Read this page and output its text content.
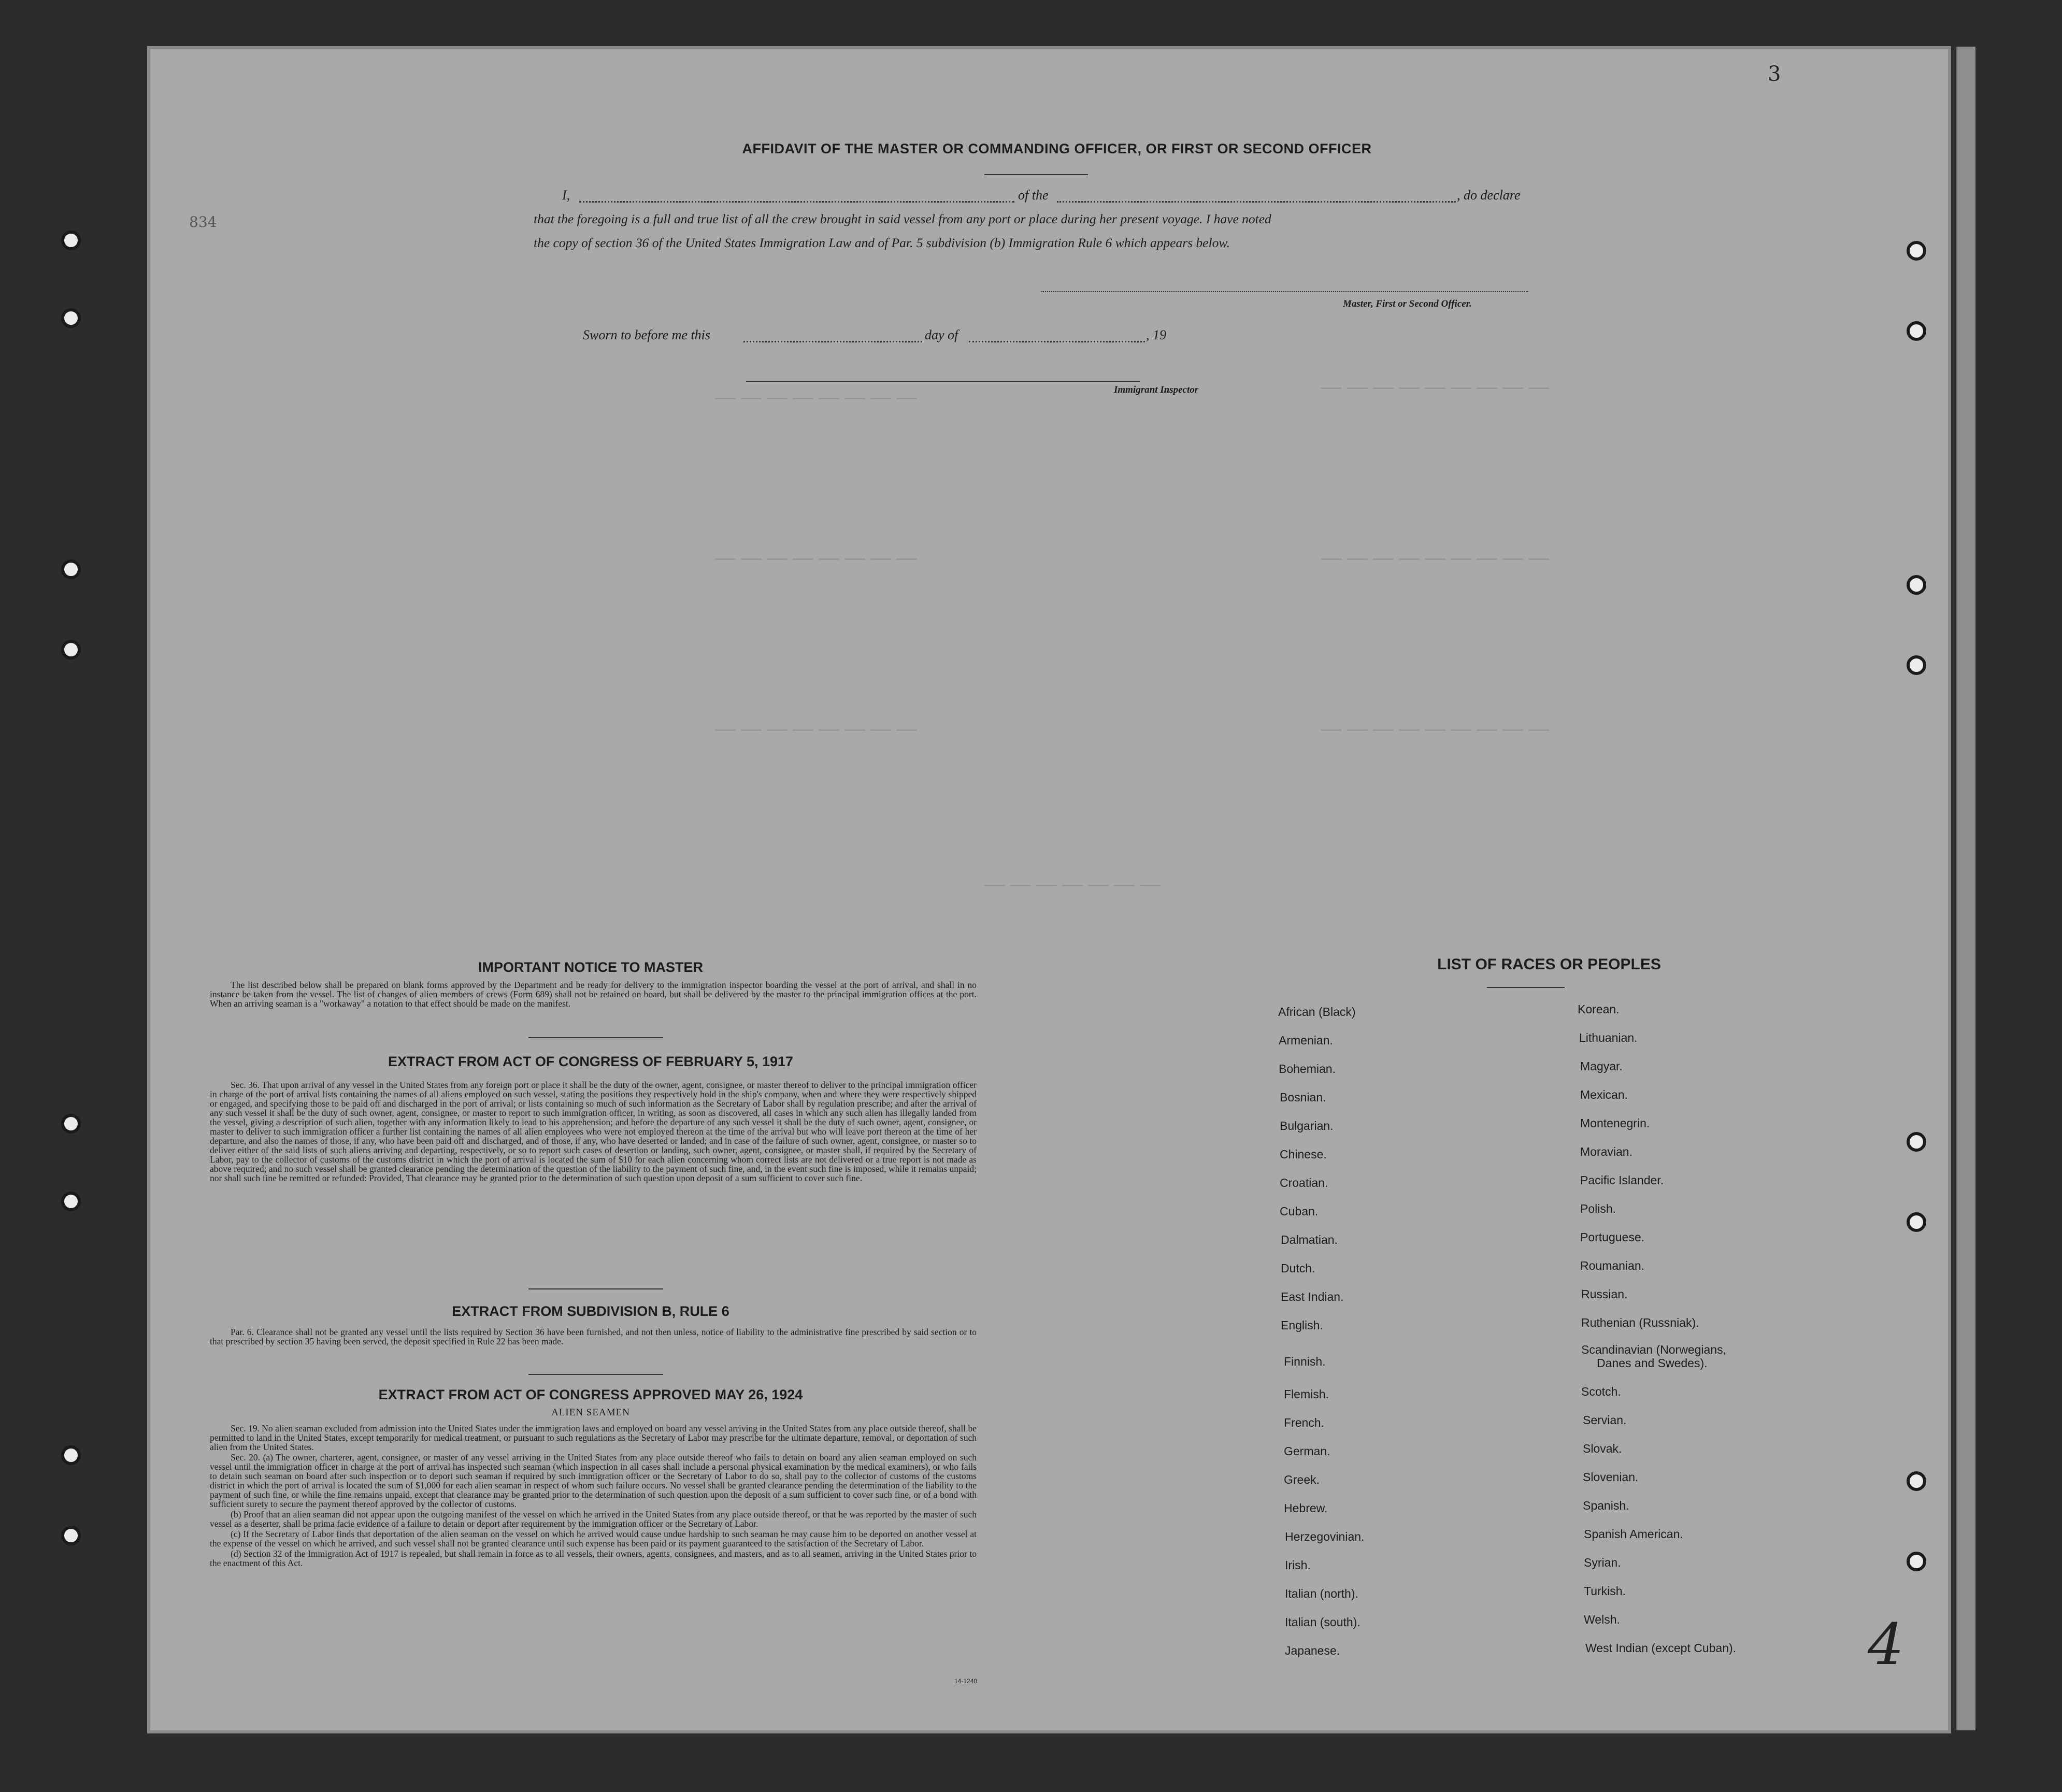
3
834
4
— — — — — — — —	— — — — — — — — —
— — — — — — — —	— — — — — — — — —
— — — — — — — —	— — — — — — — — —
— — — — — — —
AFFIDAVIT OF THE MASTER OR COMMANDING OFFICER, OR FIRST OR SECOND OFFICER
I,	of the	, do declare
that the foregoing is a full and true list of all the crew brought in said vessel from any port or place during her present voyage. I have noted
the copy of section 36 of the United States Immigration Law and of Par. 5 subdivision (b) Immigration Rule 6 which appears below.
Master, First or Second Officer.
Sworn to before me this	day of	, 19
Immigrant Inspector
IMPORTANT NOTICE TO MASTER

The list described below shall be prepared on blank forms approved by the Department and be ready for delivery to the immigration inspector boarding the vessel at the port of arrival, and shall in no instance be taken from the vessel. The list of changes of alien members of crews (Form 689) shall not be retained on board, but shall be delivered by the master to the principal immigration offices at the port. When an arriving seaman is a "workaway" a notation to that effect should be made on the manifest.

EXTRACT FROM ACT OF CONGRESS OF FEBRUARY 5, 1917

Sec. 36. That upon arrival of any vessel in the United States from any foreign port or place it shall be the duty of the owner, agent, consignee, or master thereof to deliver to the principal immigration officer in charge of the port of arrival lists containing the names of all aliens employed on such vessel, stating the positions they respectively hold in the ship's company, when and where they were respectively shipped or engaged, and specifying those to be paid off and discharged in the port of arrival; or lists containing so much of such information as the Secretary of Labor shall by regulation prescribe; and after the arrival of any such vessel it shall be the duty of such owner, agent, consignee, or master to report to such immigration officer, in writing, as soon as discovered, all cases in which any such alien has illegally landed from the vessel, giving a description of such alien, together with any information likely to lead to his apprehension; and before the departure of any such vessel it shall be the duty of such owner, agent, consignee, or master to deliver to such immigration officer a further list containing the names of all alien employees who were not employed thereon at the time of the arrival but who will leave port thereon at the time of her departure, and also the names of those, if any, who have been paid off and discharged, and of those, if any, who have deserted or landed; and in case of the failure of such owner, agent, consignee, or master so to deliver either of the said lists of such aliens arriving and departing, respectively, or so to report such cases of desertion or landing, such owner, agent, consignee, or master shall, if required by the Secretary of Labor, pay to the collector of customs of the customs district in which the port of arrival is located the sum of $10 for each alien concerning whom correct lists are not delivered or a true report is not made as above required; and no such vessel shall be granted clearance pending the determination of the question of the liability to the payment of such fine, and, in the event such fine is imposed, while it remains unpaid; nor shall such fine be remitted or refunded: Provided, That clearance may be granted prior to the determination of such question upon deposit of a sum sufficient to cover such fine.

EXTRACT FROM SUBDIVISION B, RULE 6

Par. 6. Clearance shall not be granted any vessel until the lists required by Section 36 have been furnished, and not then unless, notice of liability to the administrative fine prescribed by said section or to that prescribed by section 35 having been served, the deposit specified in Rule 22 has been made.

EXTRACT FROM ACT OF CONGRESS APPROVED MAY 26, 1924
ALIEN SEAMEN

Sec. 19. No alien seaman excluded from admission into the United States under the immigration laws and employed on board any vessel arriving in the United States from any place outside thereof, shall be permitted to land in the United States, except temporarily for medical treatment, or pursuant to such regulations as the Secretary of Labor may prescribe for the ultimate departure, removal, or deportation of such alien from the United States.

Sec. 20. (a) The owner, charterer, agent, consignee, or master of any vessel arriving in the United States from any place outside thereof who fails to detain on board any alien seaman employed on such vessel until the immigration officer in charge at the port of arrival has inspected such seaman (which inspection in all cases shall include a personal physical examination by the medical examiners), or who fails to detain such seaman on board after such inspection or to deport such seaman if required by such immigration officer or the Secretary of Labor to do so, shall pay to the collector of customs of the customs district in which the port of arrival is located the sum of $1,000 for each alien seaman in respect of whom such failure occurs. No vessel shall be granted clearance pending the determination of the liability to the payment of such fine, or while the fine remains unpaid, except that clearance may be granted prior to the determination of such question upon the deposit of a sum sufficient to cover such fine, or of a bond with sufficient surety to secure the payment thereof approved by the collector of customs.

(b) Proof that an alien seaman did not appear upon the outgoing manifest of the vessel on which he arrived in the United States from any place outside thereof, or that he was reported by the master of such vessel as a deserter, shall be prima facie evidence of a failure to detain or deport after requirement by the immigration officer or the Secretary of Labor.

(c) If the Secretary of Labor finds that deportation of the alien seaman on the vessel on which he arrived would cause undue hardship to such seaman he may cause him to be deported on another vessel at the expense of the vessel on which he arrived, and such vessel shall not be granted clearance until such expense has been paid or its payment guaranteed to the satisfaction of the Secretary of Labor.

(d) Section 32 of the Immigration Act of 1917 is repealed, but shall remain in force as to all vessels, their owners, agents, consignees, and masters, and as to all seamen, arriving in the United States prior to the enactment of this Act.

14-1240
LIST OF RACES OR PEOPLES
African (Black)
Armenian.
Bohemian.
Bosnian.
Bulgarian.
Chinese.
Croatian.
Cuban.
Dalmatian.
Dutch.
East Indian.
English.
Finnish.
Flemish.
French.
German.
Greek.
Hebrew.
Herzegovinian.
Irish.
Italian (north).
Italian (south).
Japanese.
Korean.
Lithuanian.
Magyar.
Mexican.
Montenegrin.
Moravian.
Pacific Islander.
Polish.
Portuguese.
Roumanian.
Russian.
Ruthenian (Russniak).
Scandinavian (Norwegians,
Danes and Swedes).
Scotch.
Servian.
Slovak.
Slovenian.
Spanish.
Spanish American.
Syrian.
Turkish.
Welsh.
West Indian (except Cuban).
